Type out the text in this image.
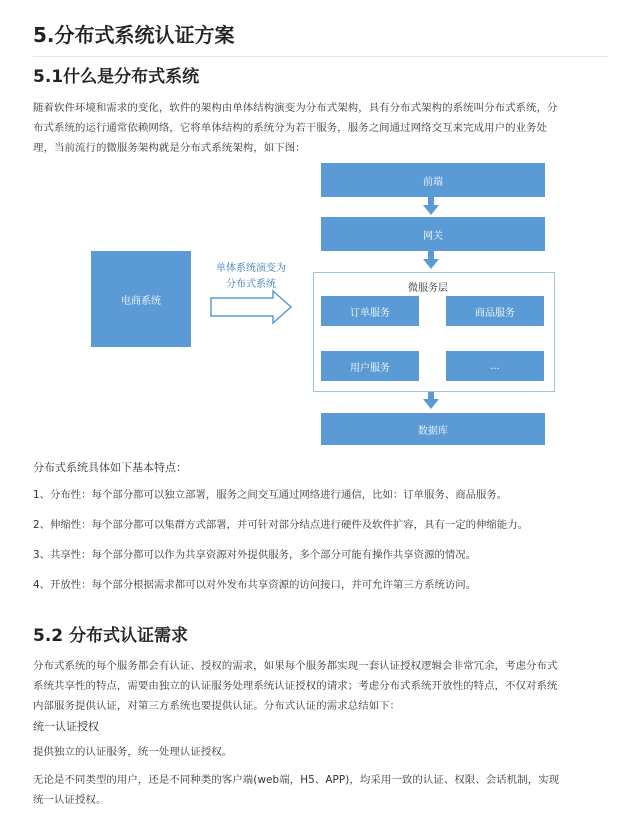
5.分布式系统认证方案
5.1什么是分布式系统

随着软件环境和需求的变化，软件的架构由单体结构演变为分布式架构，具有分布式架构的系统叫分布式系统，分

布式系统的运行通常依赖网络，它将单体结构的系统分为若干服务，服务之间通过网络交互来完成用户的业务处

理，当前流行的微服务架构就是分布式系统架构，如下图：

电商系统
单体系统演变为
分布式系统
前端
网关
微服务层
订单服务	商品服务
用户服务	...
数据库
分布式系统具体如下基本特点：
1、分布性：每个部分都可以独立部署，服务之间交互通过网络进行通信，比如：订单服务、商品服务。
2、伸缩性：每个部分都可以集群方式部署，并可针对部分结点进行硬件及软件扩容，具有一定的伸缩能力。
3、共享性：每个部分都可以作为共享资源对外提供服务，多个部分可能有操作共享资源的情况。
4、开放性：每个部分根据需求都可以对外发布共享资源的访问接口，并可允许第三方系统访问。
5.2 分布式认证需求

分布式系统的每个服务都会有认证、授权的需求，如果每个服务都实现一套认证授权逻辑会非常冗余，考虑分布式

系统共享性的特点，需要由独立的认证服务处理系统认证授权的请求；考虑分布式系统开放性的特点，不仅对系统

内部服务提供认证，对第三方系统也要提供认证。分布式认证的需求总结如下：

统一认证授权

提供独立的认证服务，统一处理认证授权。

无论是不同类型的用户，还是不同种类的客户端(web端，H5、APP)，均采用一致的认证、权限、会话机制，实现

统一认证授权。
